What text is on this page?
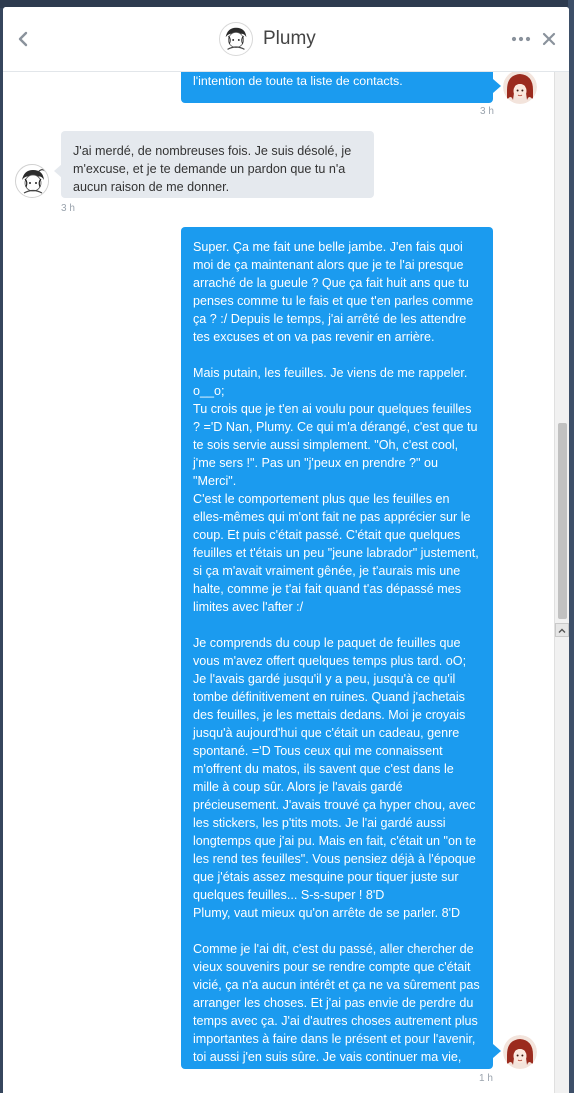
l'intention de toute ta liste de contacts.

3 h

J'ai merdé, de nombreuses fois. Je suis désolé, je m'excuse, et je te demande un pardon que tu n'a aucun raison de me donner.

3 h

Super. Ça me fait une belle jambe. J'en fais quoi moi de ça maintenant alors que je te l'ai presque arraché de la gueule ? Que ça fait huit ans que tu penses comme tu le fais et que t'en parles comme ça ? :/ Depuis le temps, j'ai arrêté de les attendre tes excuses et on va pas revenir en arrière.

Mais putain, les feuilles. Je viens de me rappeler. o__o;
Tu crois que je t'en ai voulu pour quelques feuilles ? ='D Nan, Plumy. Ce qui m'a dérangé, c'est que tu te sois servie aussi simplement. "Oh, c'est cool, j'me sers !". Pas un "j'peux en prendre ?" ou "Merci".
C'est le comportement plus que les feuilles en elles-mêmes qui m'ont fait ne pas apprécier sur le coup. Et puis c'était passé. C'était que quelques feuilles et t'étais un peu "jeune labrador" justement, si ça m'avait vraiment gênée, je t'aurais mis une halte, comme je t'ai fait quand t'as dépassé mes limites avec l'after :/

Je comprends du coup le paquet de feuilles que vous m'avez offert quelques temps plus tard. oO; Je l'avais gardé jusqu'il y a peu, jusqu'à ce qu'il tombe définitivement en ruines. Quand j'achetais des feuilles, je les mettais dedans. Moi je croyais jusqu'à aujourd'hui que c'était un cadeau, genre spontané. ='D Tous ceux qui me connaissent m'offrent du matos, ils savent que c'est dans le mille à coup sûr. Alors je l'avais gardé précieusement. J'avais trouvé ça hyper chou, avec les stickers, les p'tits mots. Je l'ai gardé aussi longtemps que j'ai pu. Mais en fait, c'était un "on te les rend tes feuilles". Vous pensiez déjà à l'époque que j'étais assez mesquine pour tiquer juste sur quelques feuilles... S-s-super ! 8'D
Plumy, vaut mieux qu'on arrête de se parler. 8'D

Comme je l'ai dit, c'est du passé, aller chercher de vieux souvenirs pour se rendre compte que c'était vicié, ça n'a aucun intérêt et ça ne va sûrement pas arranger les choses. Et j'ai pas envie de perdre du temps avec ça. J'ai d'autres choses autrement plus importantes à faire dans le présent et pour l'avenir, toi aussi j'en suis sûre. Je vais continuer ma vie, fais-en autant. Et lâche-moi la grappe. ='D	1 h
Plumy
